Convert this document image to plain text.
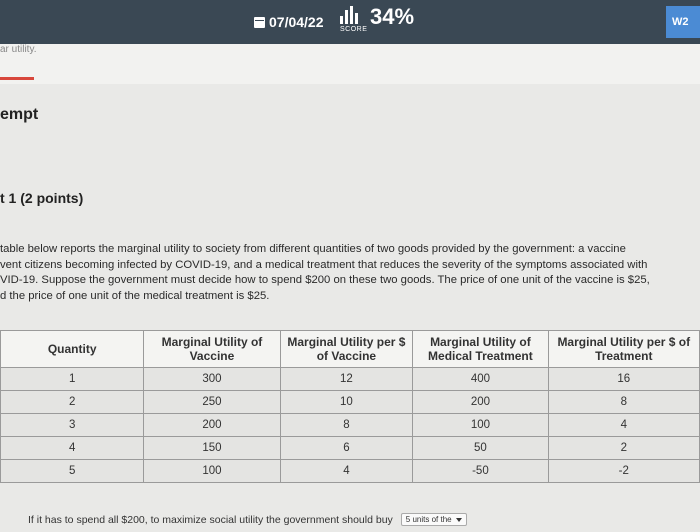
07/04/22 SCORE
34%	W2
ar utility.
empt
t 1 (2 points)

table below reports the marginal utility to society from different quantities of two goods provided by the government: a vaccine

vent citizens becoming infected by COVID-19, and a medical treatment that reduces the severity of the symptoms associated with

VID-19. Suppose the government must decide how to spend $200 on these two goods. The price of one unit of the vaccine is $25,

d the price of one unit of the medical treatment is $25.

Quantity	Marginal Utility of Vaccine	Marginal Utility per $ of Vaccine	Marginal Utility of Medical Treatment	Marginal Utility per $ of Treatment
1	300	12	400	16
2	250	10	200	8
3	200	8	100	4
4	150	6	50	2
5	100	4	-50	-2
If it has to spend all $200, to maximize social utility the government should buy 5 units of the
